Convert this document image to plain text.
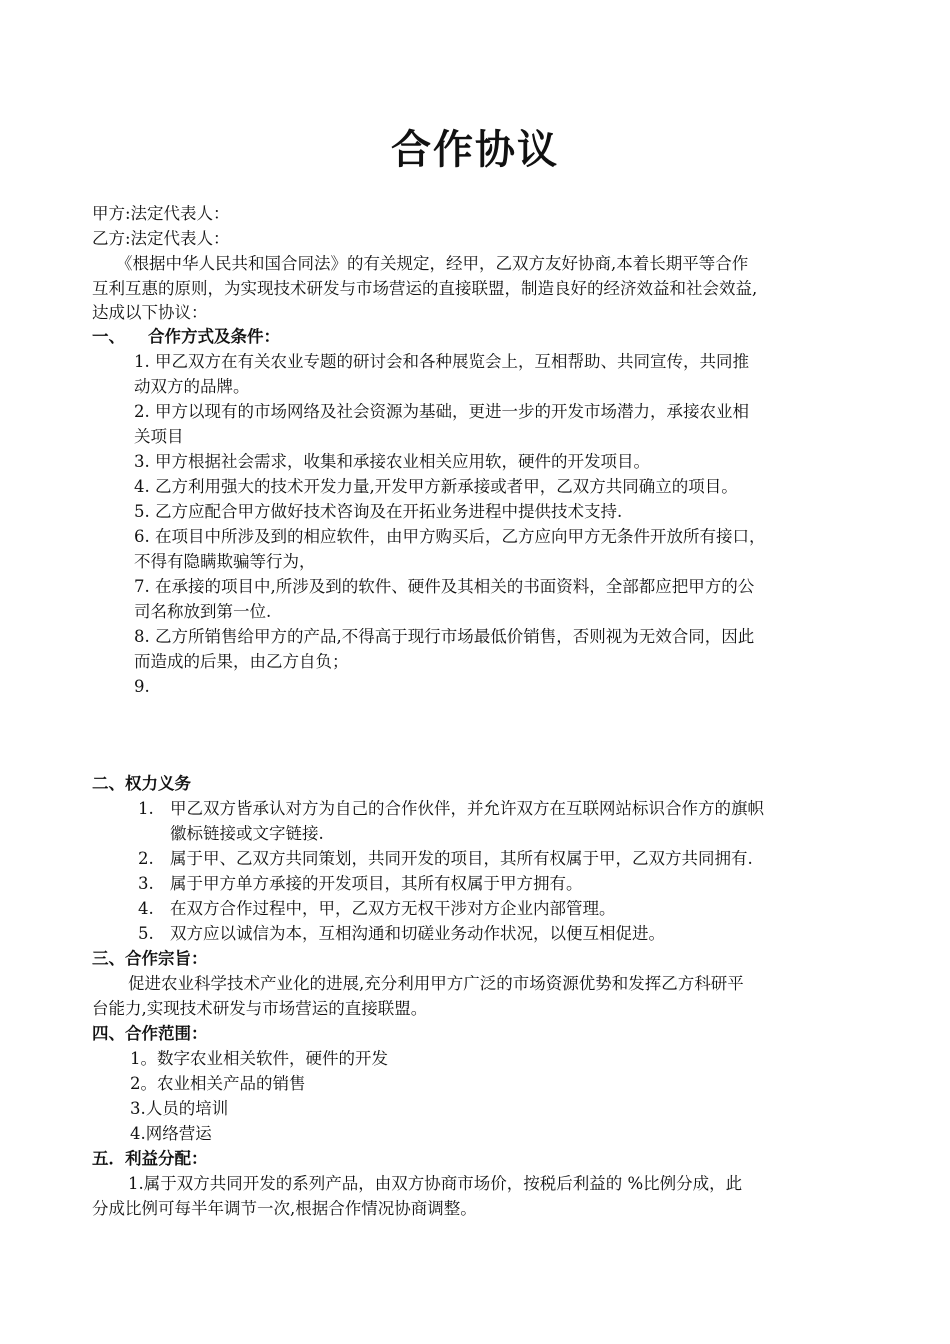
合作协议
甲方:法定代表人：
乙方:法定代表人：
《根据中华人民共和国合同法》的有关规定，经甲，乙双方友好协商,本着长期平等合作
互利互惠的原则，为实现技术研发与市场营运的直接联盟，制造良好的经济效益和社会效益,
达成以下协议：
一、 合作方式及条件：
1. 甲乙双方在有关农业专题的研讨会和各种展览会上，互相帮助、共同宣传，共同推
动双方的品牌。
2. 甲方以现有的市场网络及社会资源为基础，更进一步的开发市场潜力，承接农业相
关项目
3. 甲方根据社会需求，收集和承接农业相关应用软，硬件的开发项目。
4. 乙方利用强大的技术开发力量,开发甲方新承接或者甲，乙双方共同确立的项目。
5. 乙方应配合甲方做好技术咨询及在开拓业务进程中提供技术支持.
6. 在项目中所涉及到的相应软件，由甲方购买后，乙方应向甲方无条件开放所有接口，
不得有隐瞒欺骗等行为，
7. 在承接的项目中,所涉及到的软件、硬件及其相关的书面资料，全部都应把甲方的公
司名称放到第一位.
8. 乙方所销售给甲方的产品,不得高于现行市场最低价销售，否则视为无效合同，因此
而造成的后果，由乙方自负；
9.
二、权力义务
1. 甲乙双方皆承认对方为自己的合作伙伴，并允许双方在互联网站标识合作方的旗帜
徽标链接或文字链接.
2. 属于甲、乙双方共同策划，共同开发的项目，其所有权属于甲，乙双方共同拥有.
3. 属于甲方单方承接的开发项目，其所有权属于甲方拥有。
4. 在双方合作过程中，甲，乙双方无权干涉对方企业内部管理。
5. 双方应以诚信为本，互相沟通和切磋业务动作状况，以便互相促进。
三、合作宗旨：
促进农业科学技术产业化的进展,充分利用甲方广泛的市场资源优势和发挥乙方科研平
台能力,实现技术研发与市场营运的直接联盟。
四、合作范围：
1。数字农业相关软件，硬件的开发
2。农业相关产品的销售
3.人员的培训
4.网络营运
五．利益分配：
1.属于双方共同开发的系列产品，由双方协商市场价，按税后利益的 %比例分成，此
分成比例可每半年调节一次,根据合作情况协商调整。
